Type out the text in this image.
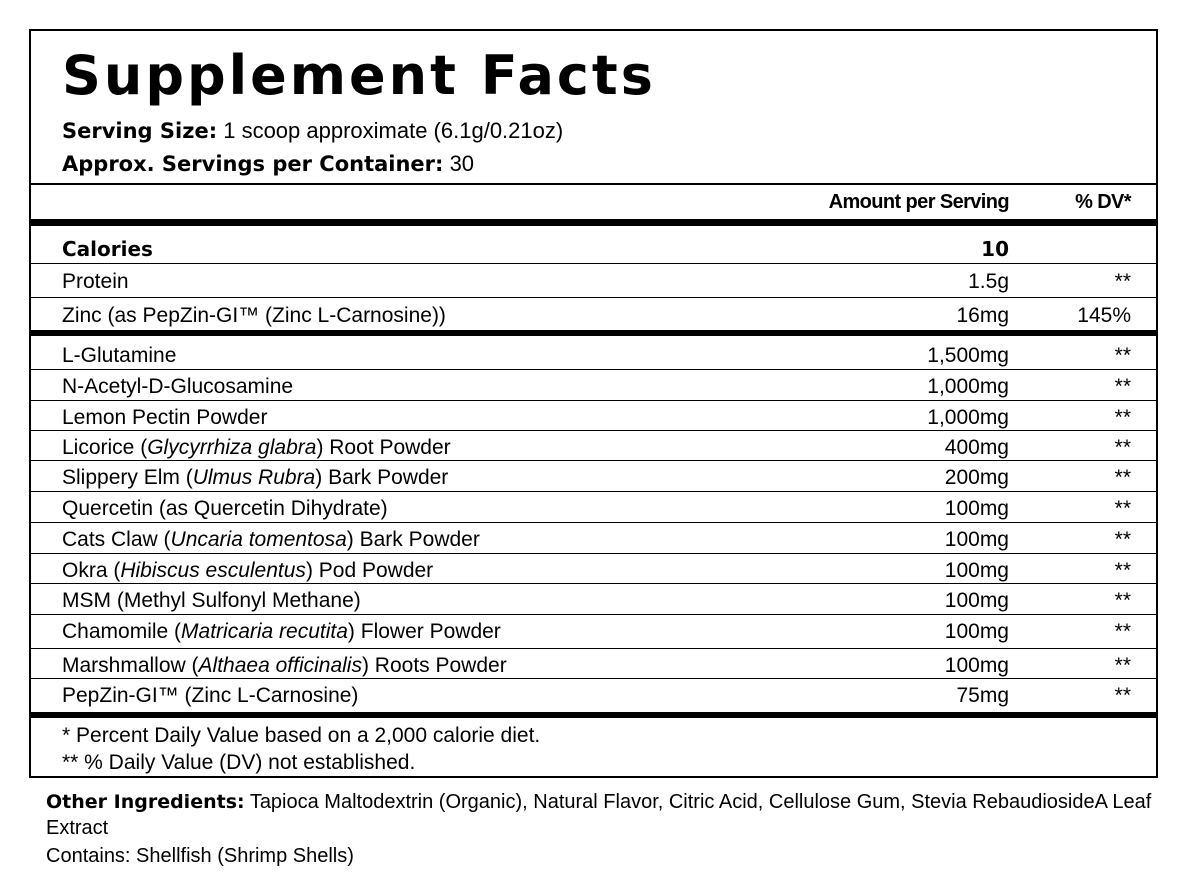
Supplement Facts
Serving Size: 1 scoop approximate (6.1g/0.21oz)
Approx. Servings per Container: 30
Amount per Serving	% DV*
Calories	10
Protein	1.5g	**
Zinc (as PepZin-GI™ (Zinc L-Carnosine))	16mg	145%
L-Glutamine	1,500mg	**
N-Acetyl-D-Glucosamine	1,000mg	**
Lemon Pectin Powder	1,000mg	**
Licorice (Glycyrrhiza glabra) Root Powder	400mg	**
Slippery Elm (Ulmus Rubra) Bark Powder	200mg	**
Quercetin (as Quercetin Dihydrate)	100mg	**
Cats Claw (Uncaria tomentosa) Bark Powder	100mg	**
Okra (Hibiscus esculentus) Pod Powder	100mg	**
MSM (Methyl Sulfonyl Methane)	100mg	**
Chamomile (Matricaria recutita) Flower Powder	100mg	**
Marshmallow (Althaea officinalis) Roots Powder	100mg	**
PepZin-GI™ (Zinc L-Carnosine)	75mg	**
* Percent Daily Value based on a 2,000 calorie diet.
** % Daily Value (DV) not established.
Other Ingredients: Tapioca Maltodextrin (Organic), Natural Flavor, Citric Acid, Cellulose Gum, Stevia RebaudiosideA Leaf Extract
Contains: Shellfish (Shrimp Shells)
